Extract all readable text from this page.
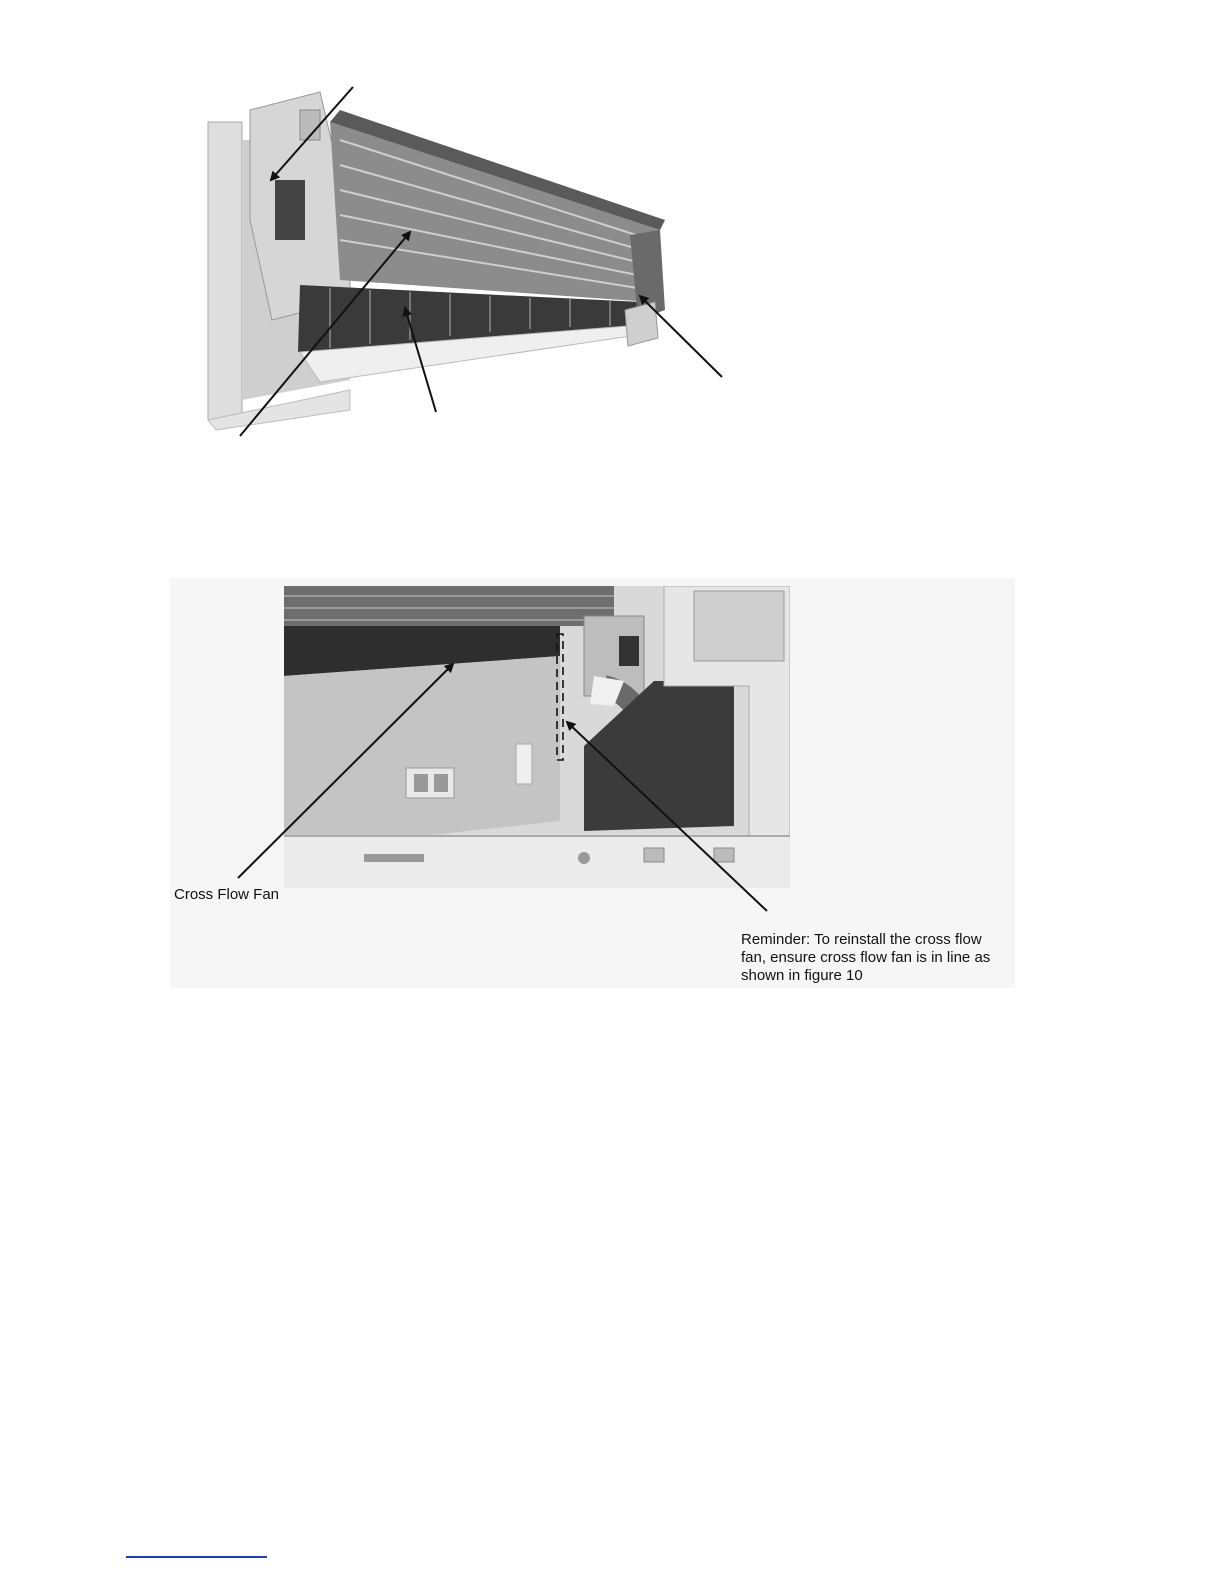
Cross Flow Fan
Reminder: To reinstall the cross flow
fan, ensure cross flow fan is in line as
shown in figure 10
